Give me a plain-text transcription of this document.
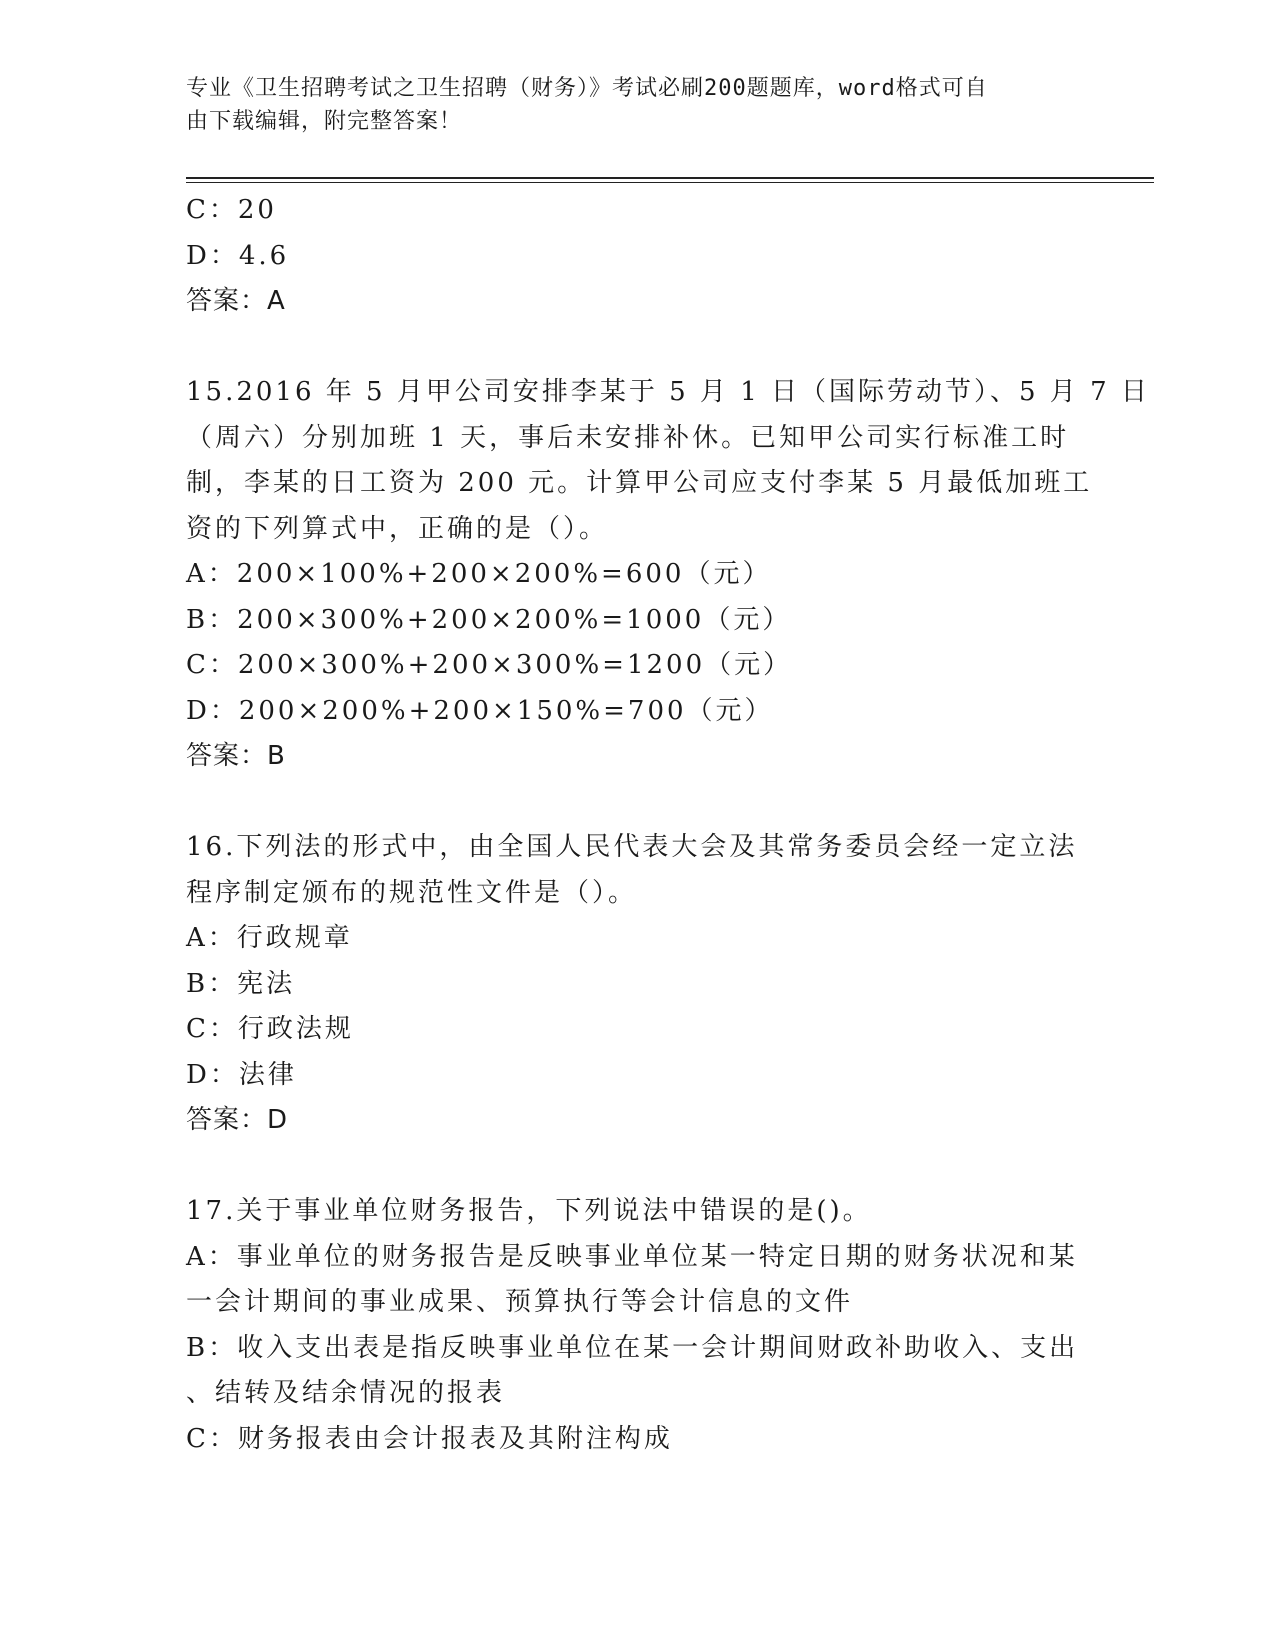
专业《卫生招聘考试之卫生招聘（财务）》考试必刷200题题库，word格式可自
由下载编辑，附完整答案！
C：20
D：4.6
答案：A
15.2016 年 5 月甲公司安排李某于 5 月 1 日（国际劳动节）、5 月 7 日
（周六）分别加班 1 天，事后未安排补休。已知甲公司实行标准工时
制，李某的日工资为 200 元。计算甲公司应支付李某 5 月最低加班工
资的下列算式中，正确的是（）。
A：200×100%+200×200%=600（元）
B：200×300%+200×200%=1000（元）
C：200×300%+200×300%=1200（元）
D：200×200%+200×150%=700（元）
答案：B
16.下列法的形式中，由全国人民代表大会及其常务委员会经一定立法
程序制定颁布的规范性文件是（）。
A：行政规章
B：宪法
C：行政法规
D：法律
答案：D
17.关于事业单位财务报告，下列说法中错误的是()。
A：事业单位的财务报告是反映事业单位某一特定日期的财务状况和某
一会计期间的事业成果、预算执行等会计信息的文件
B：收入支出表是指反映事业单位在某一会计期间财政补助收入、支出
、结转及结余情况的报表
C：财务报表由会计报表及其附注构成
